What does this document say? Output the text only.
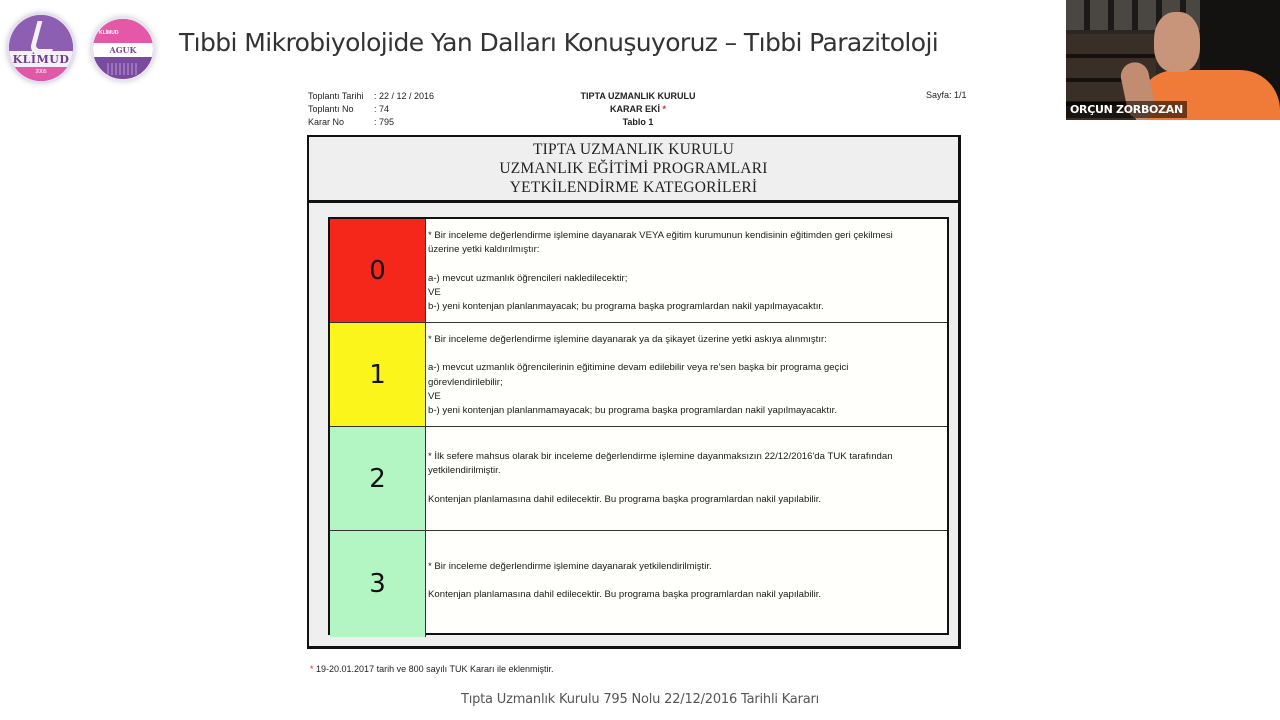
KLİMUD
2005
KLİMUD
AGUK	Tıbbi Mikrobiyolojide Yan Dalları Konuşuyoruz – Tıbbi Parazitoloji
ORÇUN ZORBOZAN
Toplantı Tarihi	: 22 / 12 / 2016
Toplantı No	: 74
Karar No	: 795
TIPTA UZMANLIK KURULU
KARAR EKİ *
Tablo 1
Sayfa: 1/1
TIPTA UZMANLIK KURULU
UZMANLIK EĞİTİMİ PROGRAMLARI
YETKİLENDİRME KATEGORİLERİ
0
* Bir inceleme değerlendirme işlemine dayanarak VEYA eğitim kurumunun kendisinin eğitimden geri çekilmesi
üzerine yetki kaldırılmıştır:
a-) mevcut uzmanlık öğrencileri nakledilecektir;
VE
b-) yeni kontenjan planlanmayacak; bu programa başka programlardan nakil yapılmayacaktır.
1
* Bir inceleme değerlendirme işlemine dayanarak ya da şikayet üzerine yetki askıya alınmıştır:
a-) mevcut uzmanlık öğrencilerinin eğitimine devam edilebilir veya re'sen başka bir programa geçici
görevlendirilebilir;
VE
b-) yeni kontenjan planlanmamayacak; bu programa başka programlardan nakil yapılmayacaktır.
2
* İlk sefere mahsus olarak bir inceleme değerlendirme işlemine dayanmaksızın 22/12/2016'da TUK tarafından
yetkilendirilmiştir.
Kontenjan planlamasına dahil edilecektir. Bu programa başka programlardan nakil yapılabilir.
3
* Bir inceleme değerlendirme işlemine dayanarak yetkilendirilmiştir.
Kontenjan planlamasına dahil edilecektir. Bu programa başka programlardan nakil yapılabilir.
* 19-20.01.2017 tarih ve 800 sayılı TUK Kararı ile eklenmiştir.
Tıpta Uzmanlık Kurulu 795 Nolu 22/12/2016 Tarihli Kararı
